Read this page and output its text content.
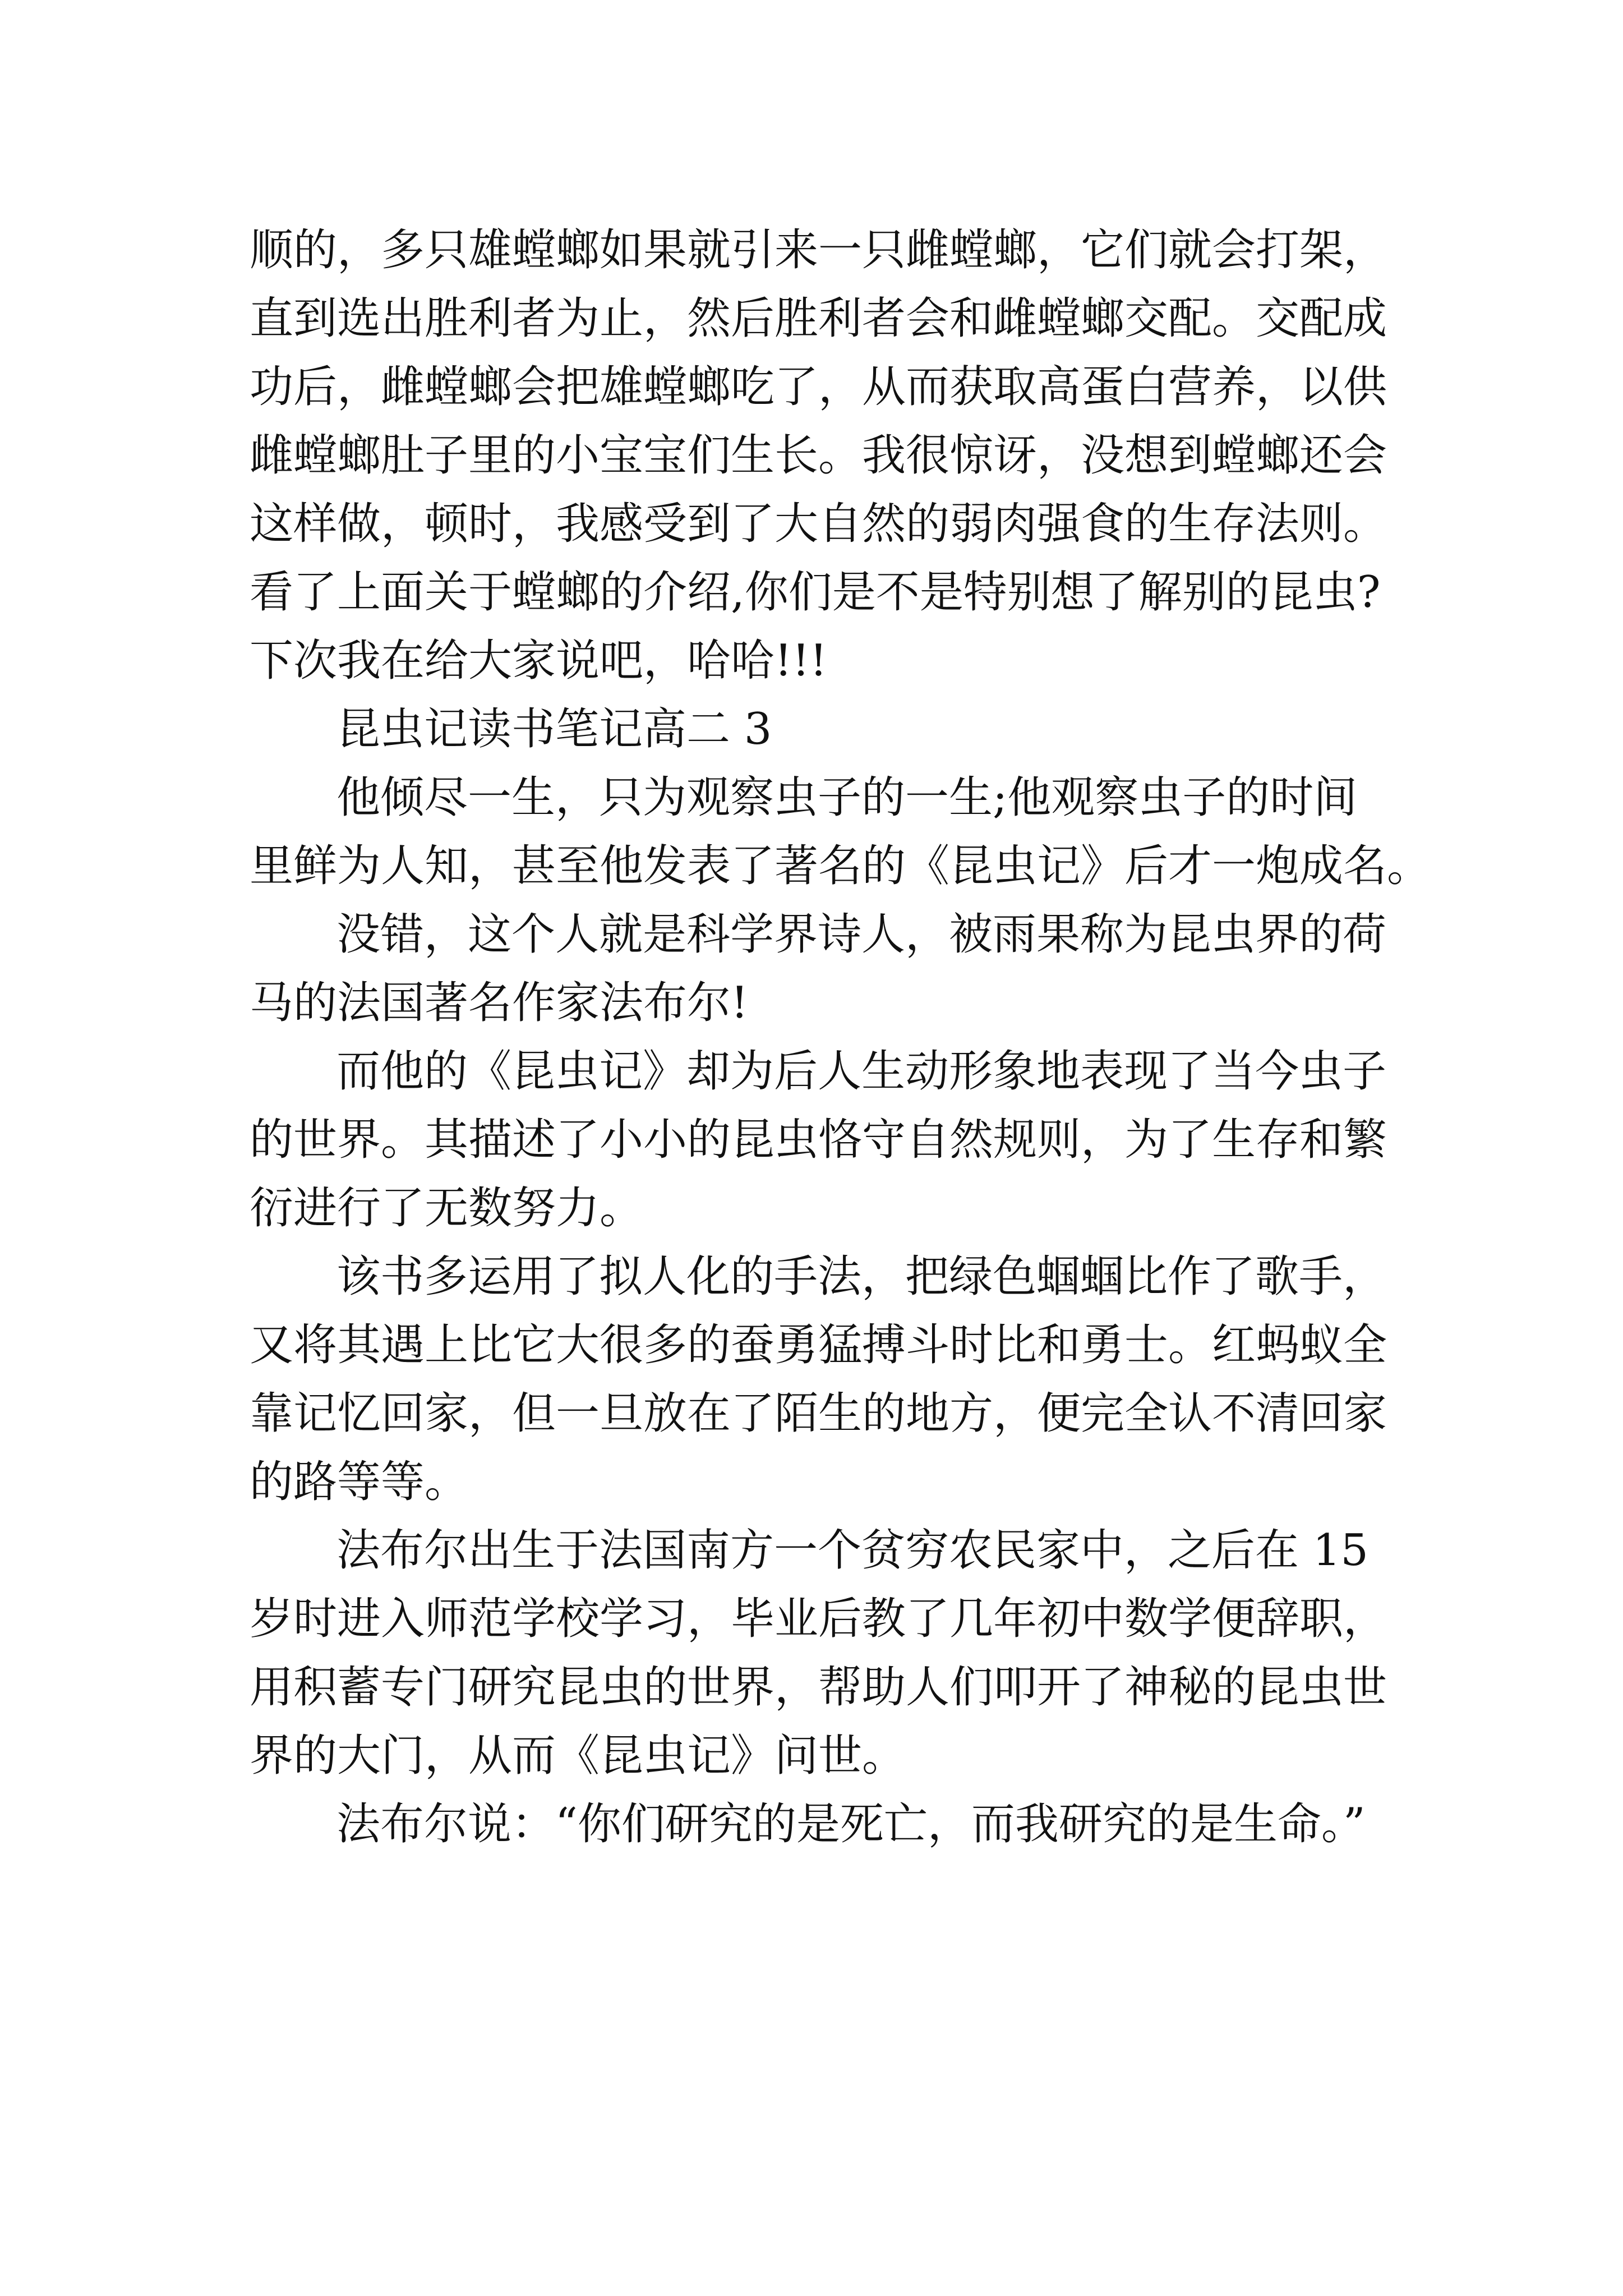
顺的，多只雄螳螂如果就引来一只雌螳螂，它们就会打架，
直到选出胜利者为止，然后胜利者会和雌螳螂交配。交配成
功后，雌螳螂会把雄螳螂吃了，从而获取高蛋白营养，以供
雌螳螂肚子里的小宝宝们生长。我很惊讶，没想到螳螂还会
这样做，顿时，我感受到了大自然的弱肉强食的生存法则。
看了上面关于螳螂的介绍,你们是不是特别想了解别的昆虫?
下次我在给大家说吧，哈哈!!!
昆虫记读书笔记高二 3
他倾尽一生，只为观察虫子的一生;他观察虫子的时间
里鲜为人知，甚至他发表了著名的《昆虫记》后才一炮成名。
没错，这个人就是科学界诗人，被雨果称为昆虫界的荷
马的法国著名作家法布尔!
而他的《昆虫记》却为后人生动形象地表现了当今虫子
的世界。其描述了小小的昆虫恪守自然规则，为了生存和繁
衍进行了无数努力。
该书多运用了拟人化的手法，把绿色蝈蝈比作了歌手，
又将其遇上比它大很多的蚕勇猛搏斗时比和勇士。红蚂蚁全
靠记忆回家，但一旦放在了陌生的地方，便完全认不清回家
的路等等。
法布尔出生于法国南方一个贫穷农民家中，之后在 15
岁时进入师范学校学习，毕业后教了几年初中数学便辞职，
用积蓄专门研究昆虫的世界，帮助人们叩开了神秘的昆虫世
界的大门，从而《昆虫记》问世。
法布尔说：“你们研究的是死亡，而我研究的是生命。”
